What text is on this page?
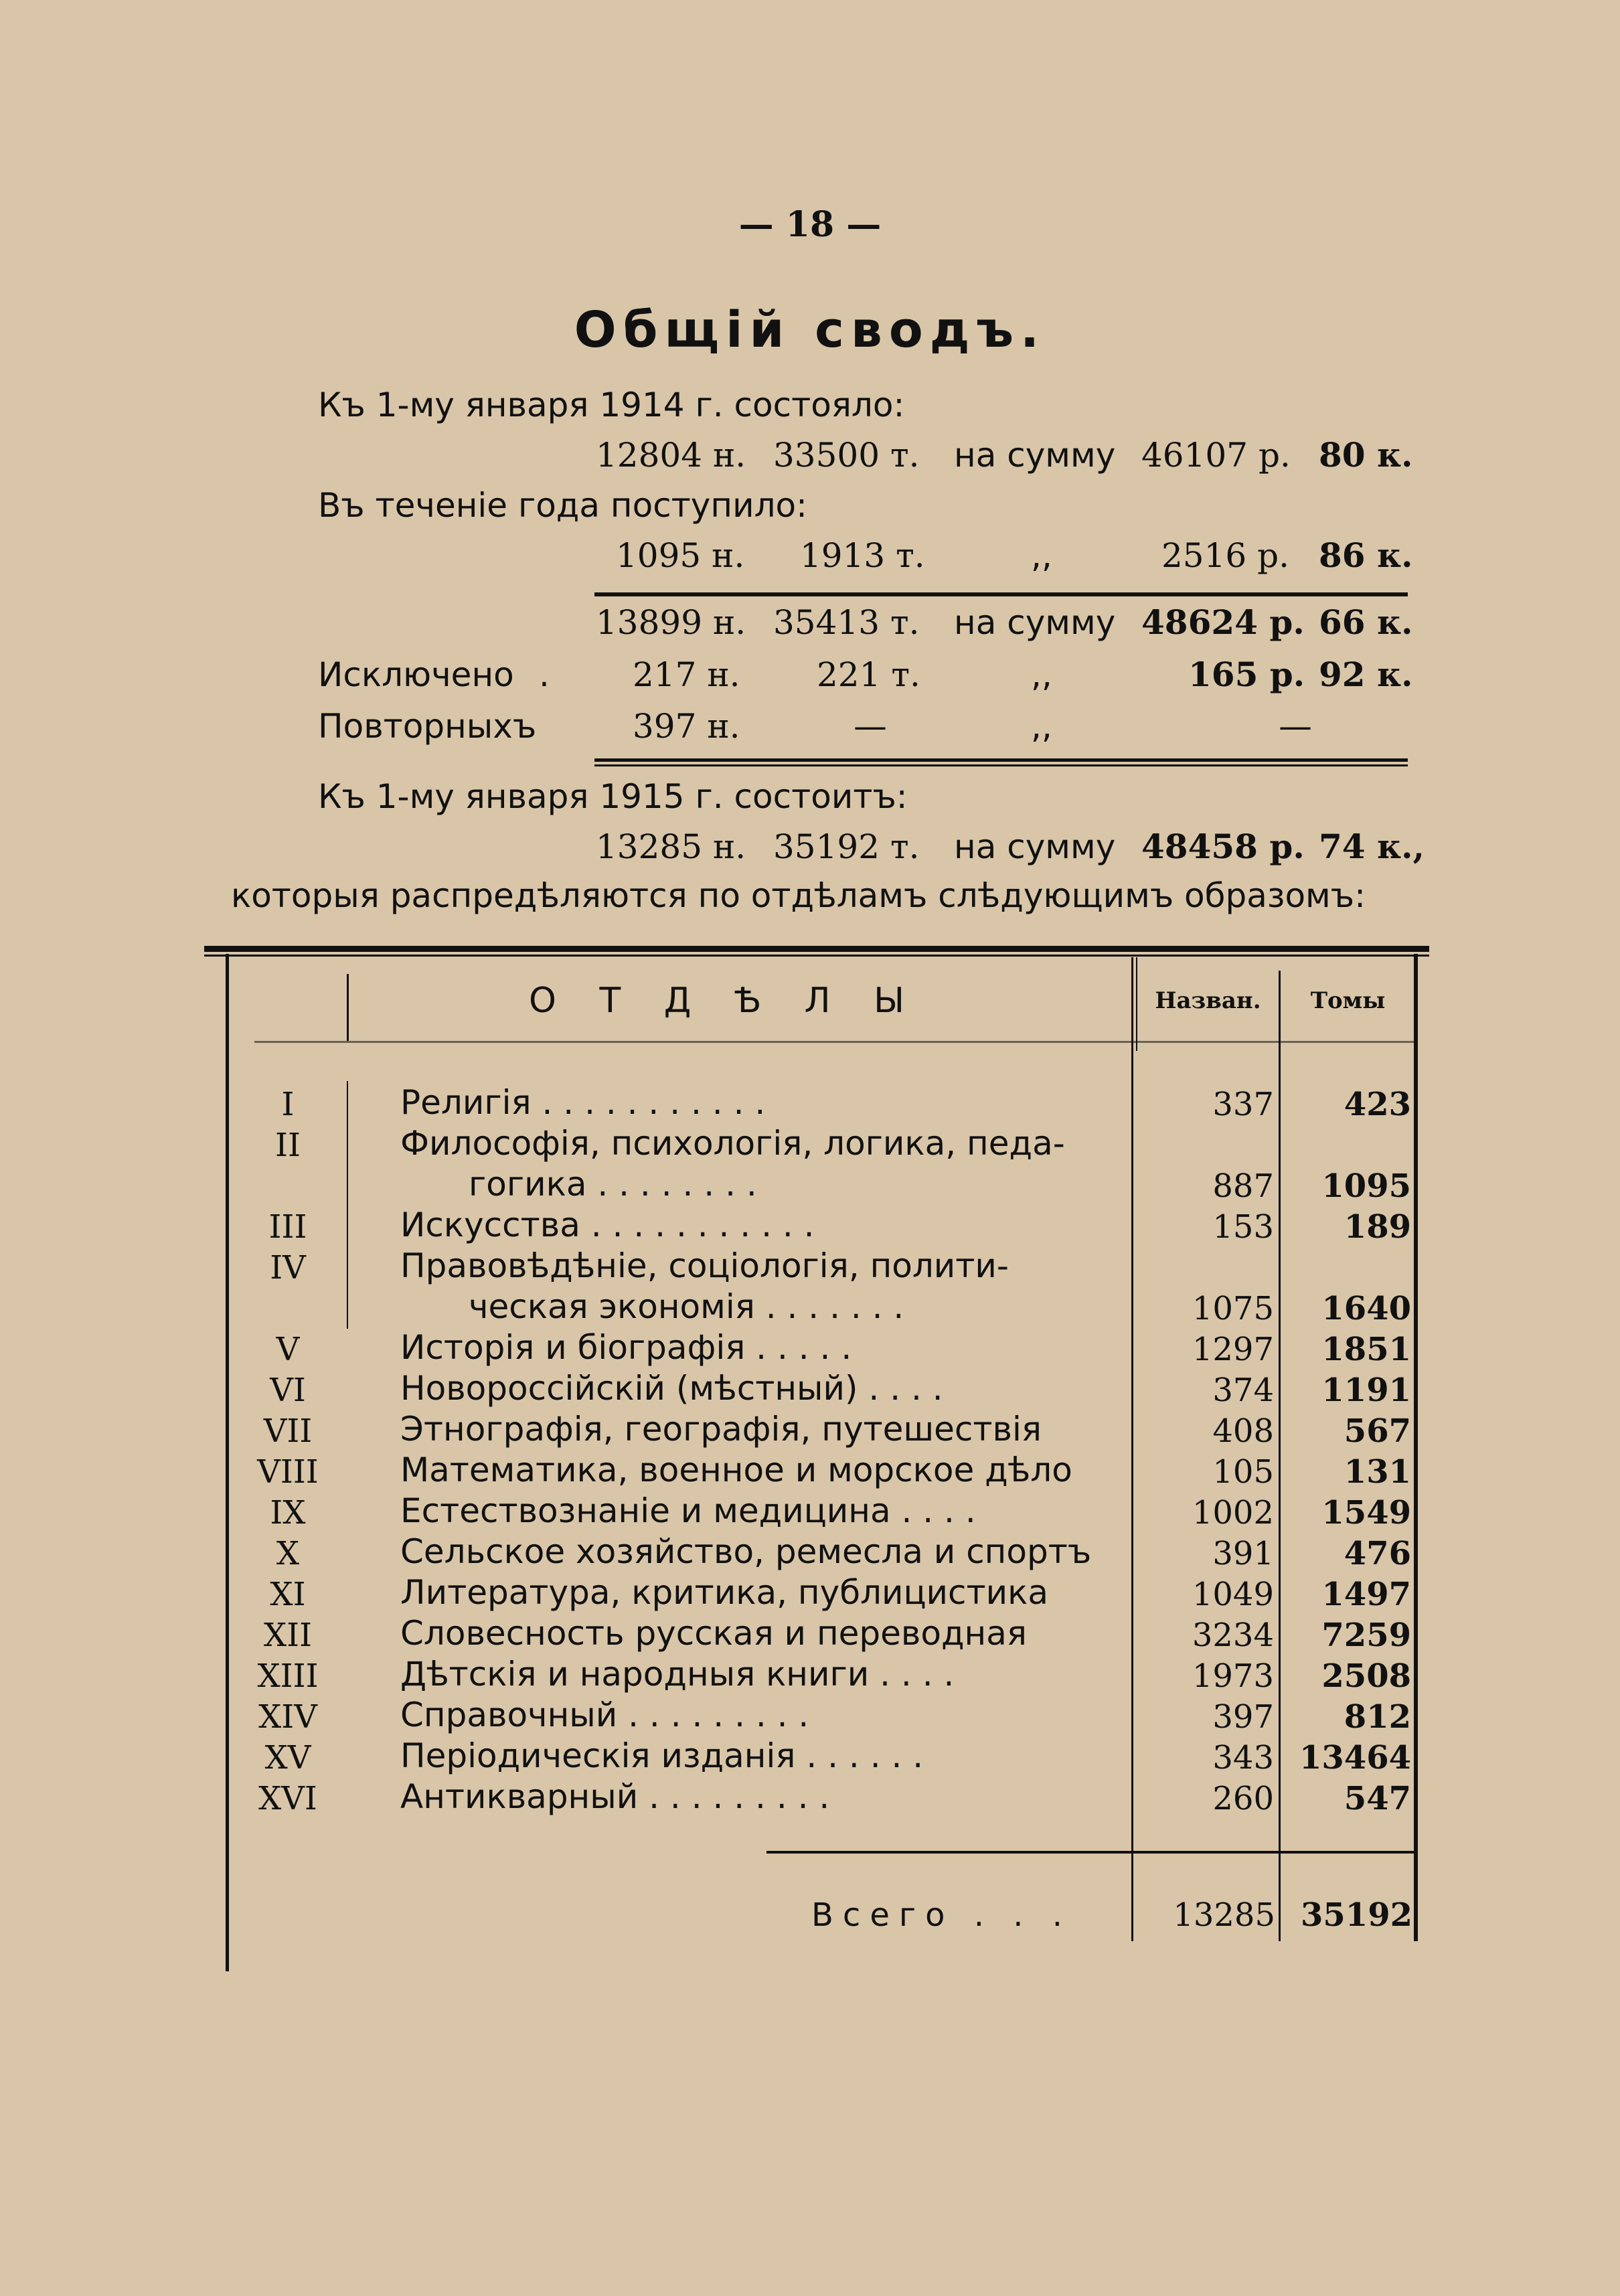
— 18 —
Общій сводъ.
Къ 1-му января 1914 г. состояло:
12804 н. 33500 т. на сумму 46107 р. 80 к.
Въ теченіе года поступило:
1095 н. 1913 т.	,,	2516 р. 86 к.
13899 н. 35413 т. на сумму 48624 р. 66 к.
Исключено . 217 н. 221 т.	,,	165 р. 92 к.
Повторныхъ	397 н.	—	,,	—
Къ 1-му января 1915 г. состоитъ:
13285 н. 35192 т. на сумму 48458 р. 74 к.,
которыя распредѣляются по отдѣламъ слѣдующимъ образомъ:
О Т Д Ѣ Л Ы	Назван.	Томы
I	Религія . . . . . . . . . . .	337	423
II	Философія, психологія, логика, педа-
гогика . . . . . . . .	887	1095
III	Искусства . . . . . . . . . . .	153	189
IV	Правовѣдѣніе, соціологія, полити-
ческая экономія . . . . . . .	1075	1640
V	Исторія и біографія . . . . .	1297	1851
VI	Новороссійскій (мѣстный) . . . .	374	1191
VII	Этнографія, географія, путешествія	408	567
VIII Математика, военное и морское дѣло	105	131
IX	Естествознаніе и медицина . . . .	1002	1549
X	Сельское хозяйство, ремесла и спортъ	391	476
XI	Литература, критика, публицистика	1049	1497
XII	Словесность русская и переводная	3234	7259
XIII Дѣтскія и народныя книги . . . .	1973	2508
XIV	Справочный . . . . . . . . .	397	812
XV	Періодическія изданія . . . . . .	343 13464
XVI	Антикварный . . . . . . . . .	260	547
Всего . . .	13285 35192
